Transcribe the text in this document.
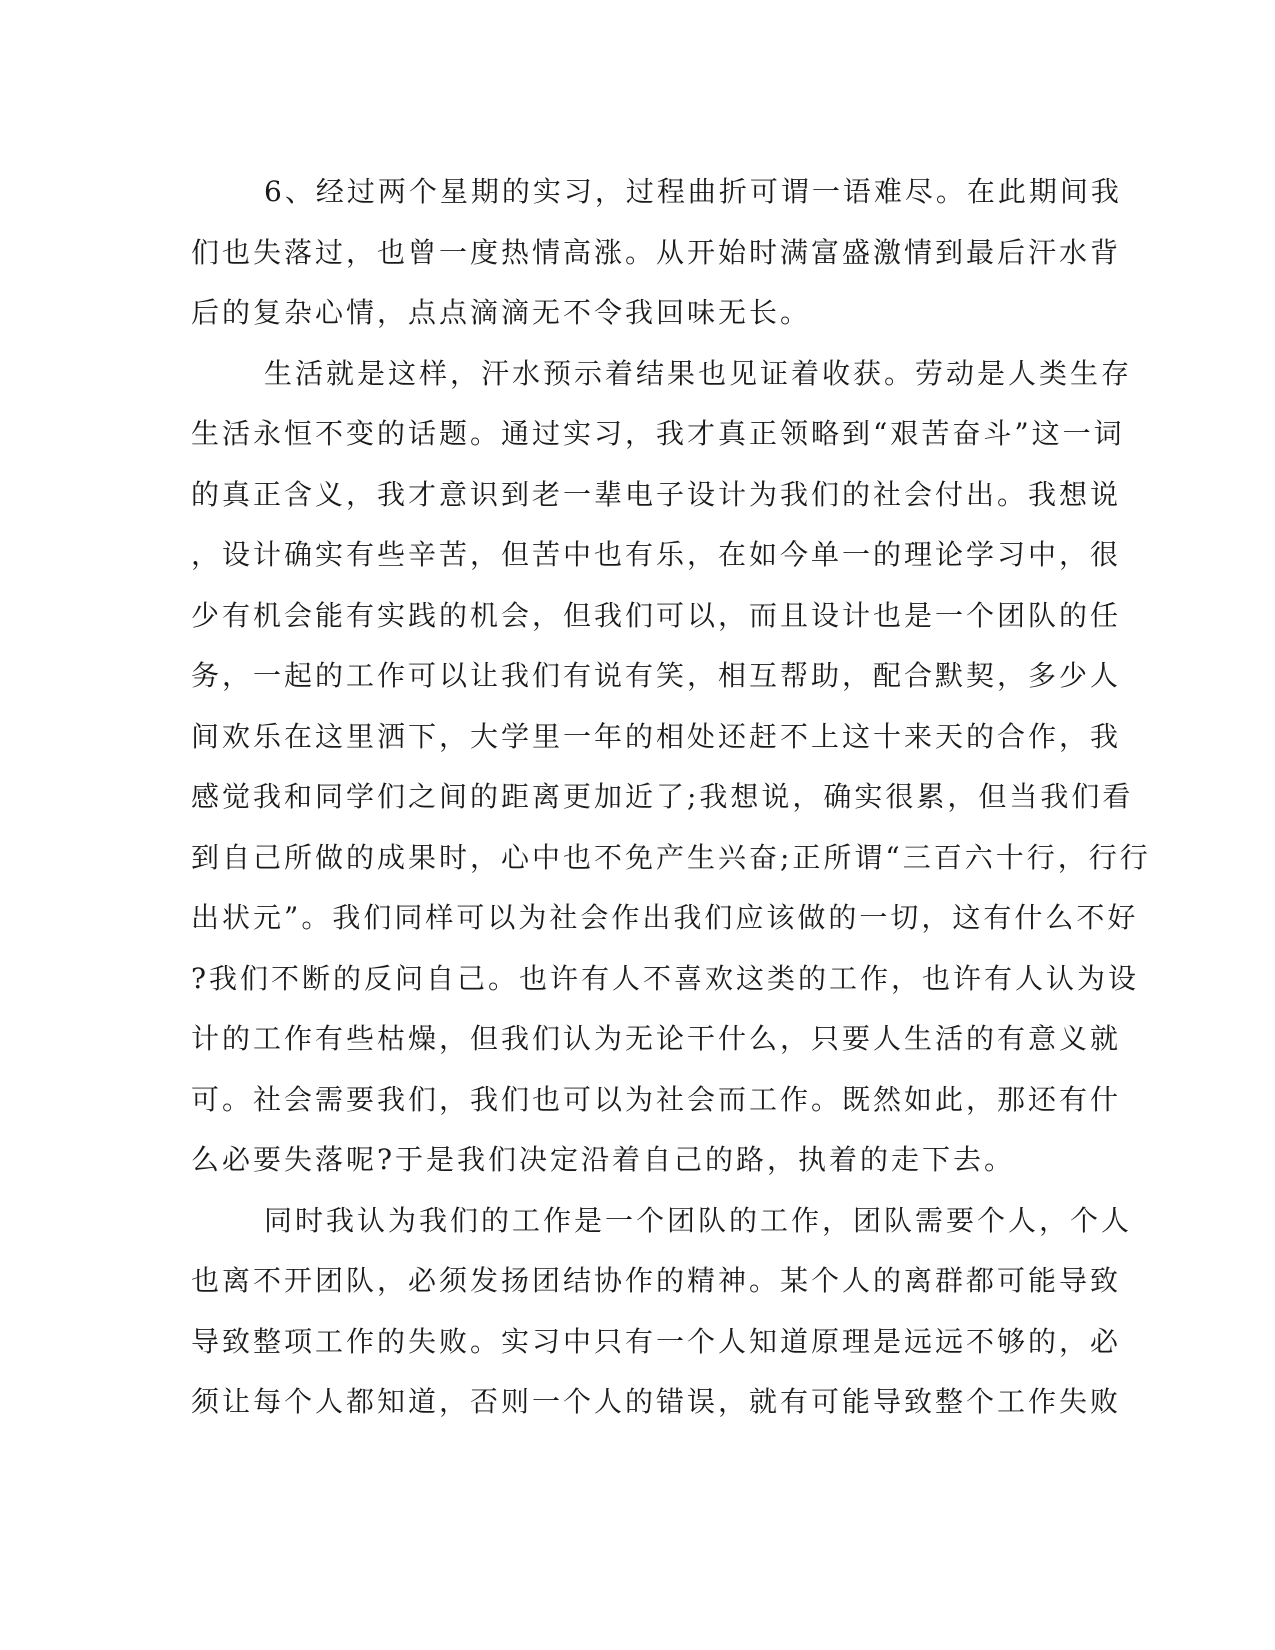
6、经过两个星期的实习，过程曲折可谓一语难尽。在此期间我
们也失落过，也曾一度热情高涨。从开始时满富盛激情到最后汗水背
后的复杂心情，点点滴滴无不令我回味无长。
生活就是这样，汗水预示着结果也见证着收获。劳动是人类生存
生活永恒不变的话题。通过实习，我才真正领略到“艰苦奋斗”这一词
的真正含义，我才意识到老一辈电子设计为我们的社会付出。我想说
，设计确实有些辛苦，但苦中也有乐，在如今单一的理论学习中，很
少有机会能有实践的机会，但我们可以，而且设计也是一个团队的任
务，一起的工作可以让我们有说有笑，相互帮助，配合默契，多少人
间欢乐在这里洒下，大学里一年的相处还赶不上这十来天的合作，我
感觉我和同学们之间的距离更加近了;我想说，确实很累，但当我们看
到自己所做的成果时，心中也不免产生兴奋;正所谓“三百六十行，行行
出状元”。我们同样可以为社会作出我们应该做的一切，这有什么不好
?我们不断的反问自己。也许有人不喜欢这类的工作，也许有人认为设
计的工作有些枯燥，但我们认为无论干什么，只要人生活的有意义就
可。社会需要我们，我们也可以为社会而工作。既然如此，那还有什
么必要失落呢?于是我们决定沿着自己的路，执着的走下去。
同时我认为我们的工作是一个团队的工作，团队需要个人，个人
也离不开团队，必须发扬团结协作的精神。某个人的离群都可能导致
导致整项工作的失败。实习中只有一个人知道原理是远远不够的，必
须让每个人都知道，否则一个人的错误，就有可能导致整个工作失败
